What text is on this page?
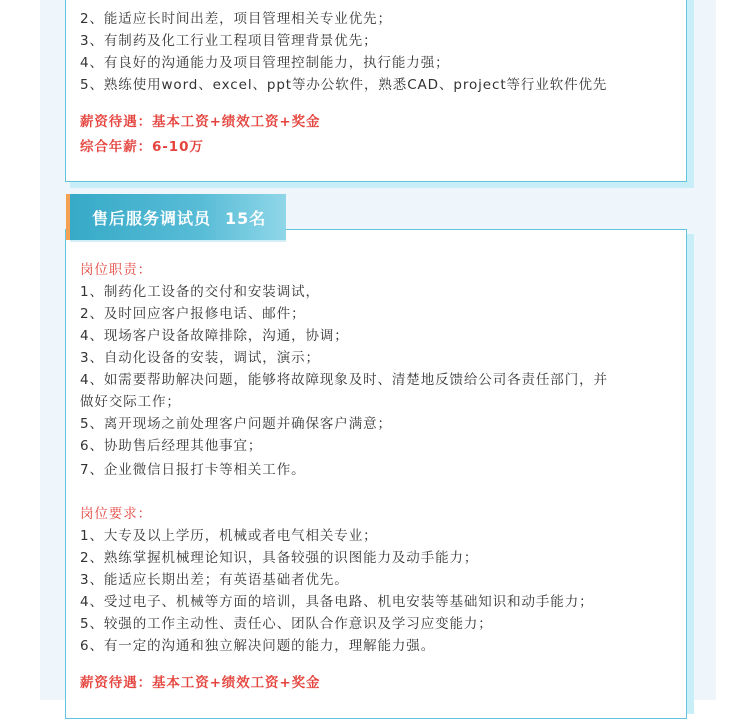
2、能适应长时间出差，项目管理相关专业优先；
3、有制药及化工行业工程项目管理背景优先；
4、有良好的沟通能力及项目管理控制能力，执行能力强；
5、熟练使用word、excel、ppt等办公软件，熟悉CAD、project等行业软件优先
薪资待遇：基本工资+绩效工资+奖金
综合年薪：6-10万
售后服务调试员 15名
岗位职责：
1、制药化工设备的交付和安装调试，
2、及时回应客户报修电话、邮件；
4、现场客户设备故障排除，沟通，协调；
3、自动化设备的安装，调试，演示；
4、如需要帮助解决问题，能够将故障现象及时、清楚地反馈给公司各责任部门，并
做好交际工作；
5、离开现场之前处理客户问题并确保客户满意；
6、协助售后经理其他事宜；
7、企业微信日报打卡等相关工作。
岗位要求：
1、大专及以上学历，机械或者电气相关专业；
2、熟练掌握机械理论知识，具备较强的识图能力及动手能力；
3、能适应长期出差；有英语基础者优先。
4、受过电子、机械等方面的培训，具备电路、机电安装等基础知识和动手能力；
5、较强的工作主动性、责任心、团队合作意识及学习应变能力；
6、有一定的沟通和独立解决问题的能力，理解能力强。
薪资待遇：基本工资+绩效工资+奖金
